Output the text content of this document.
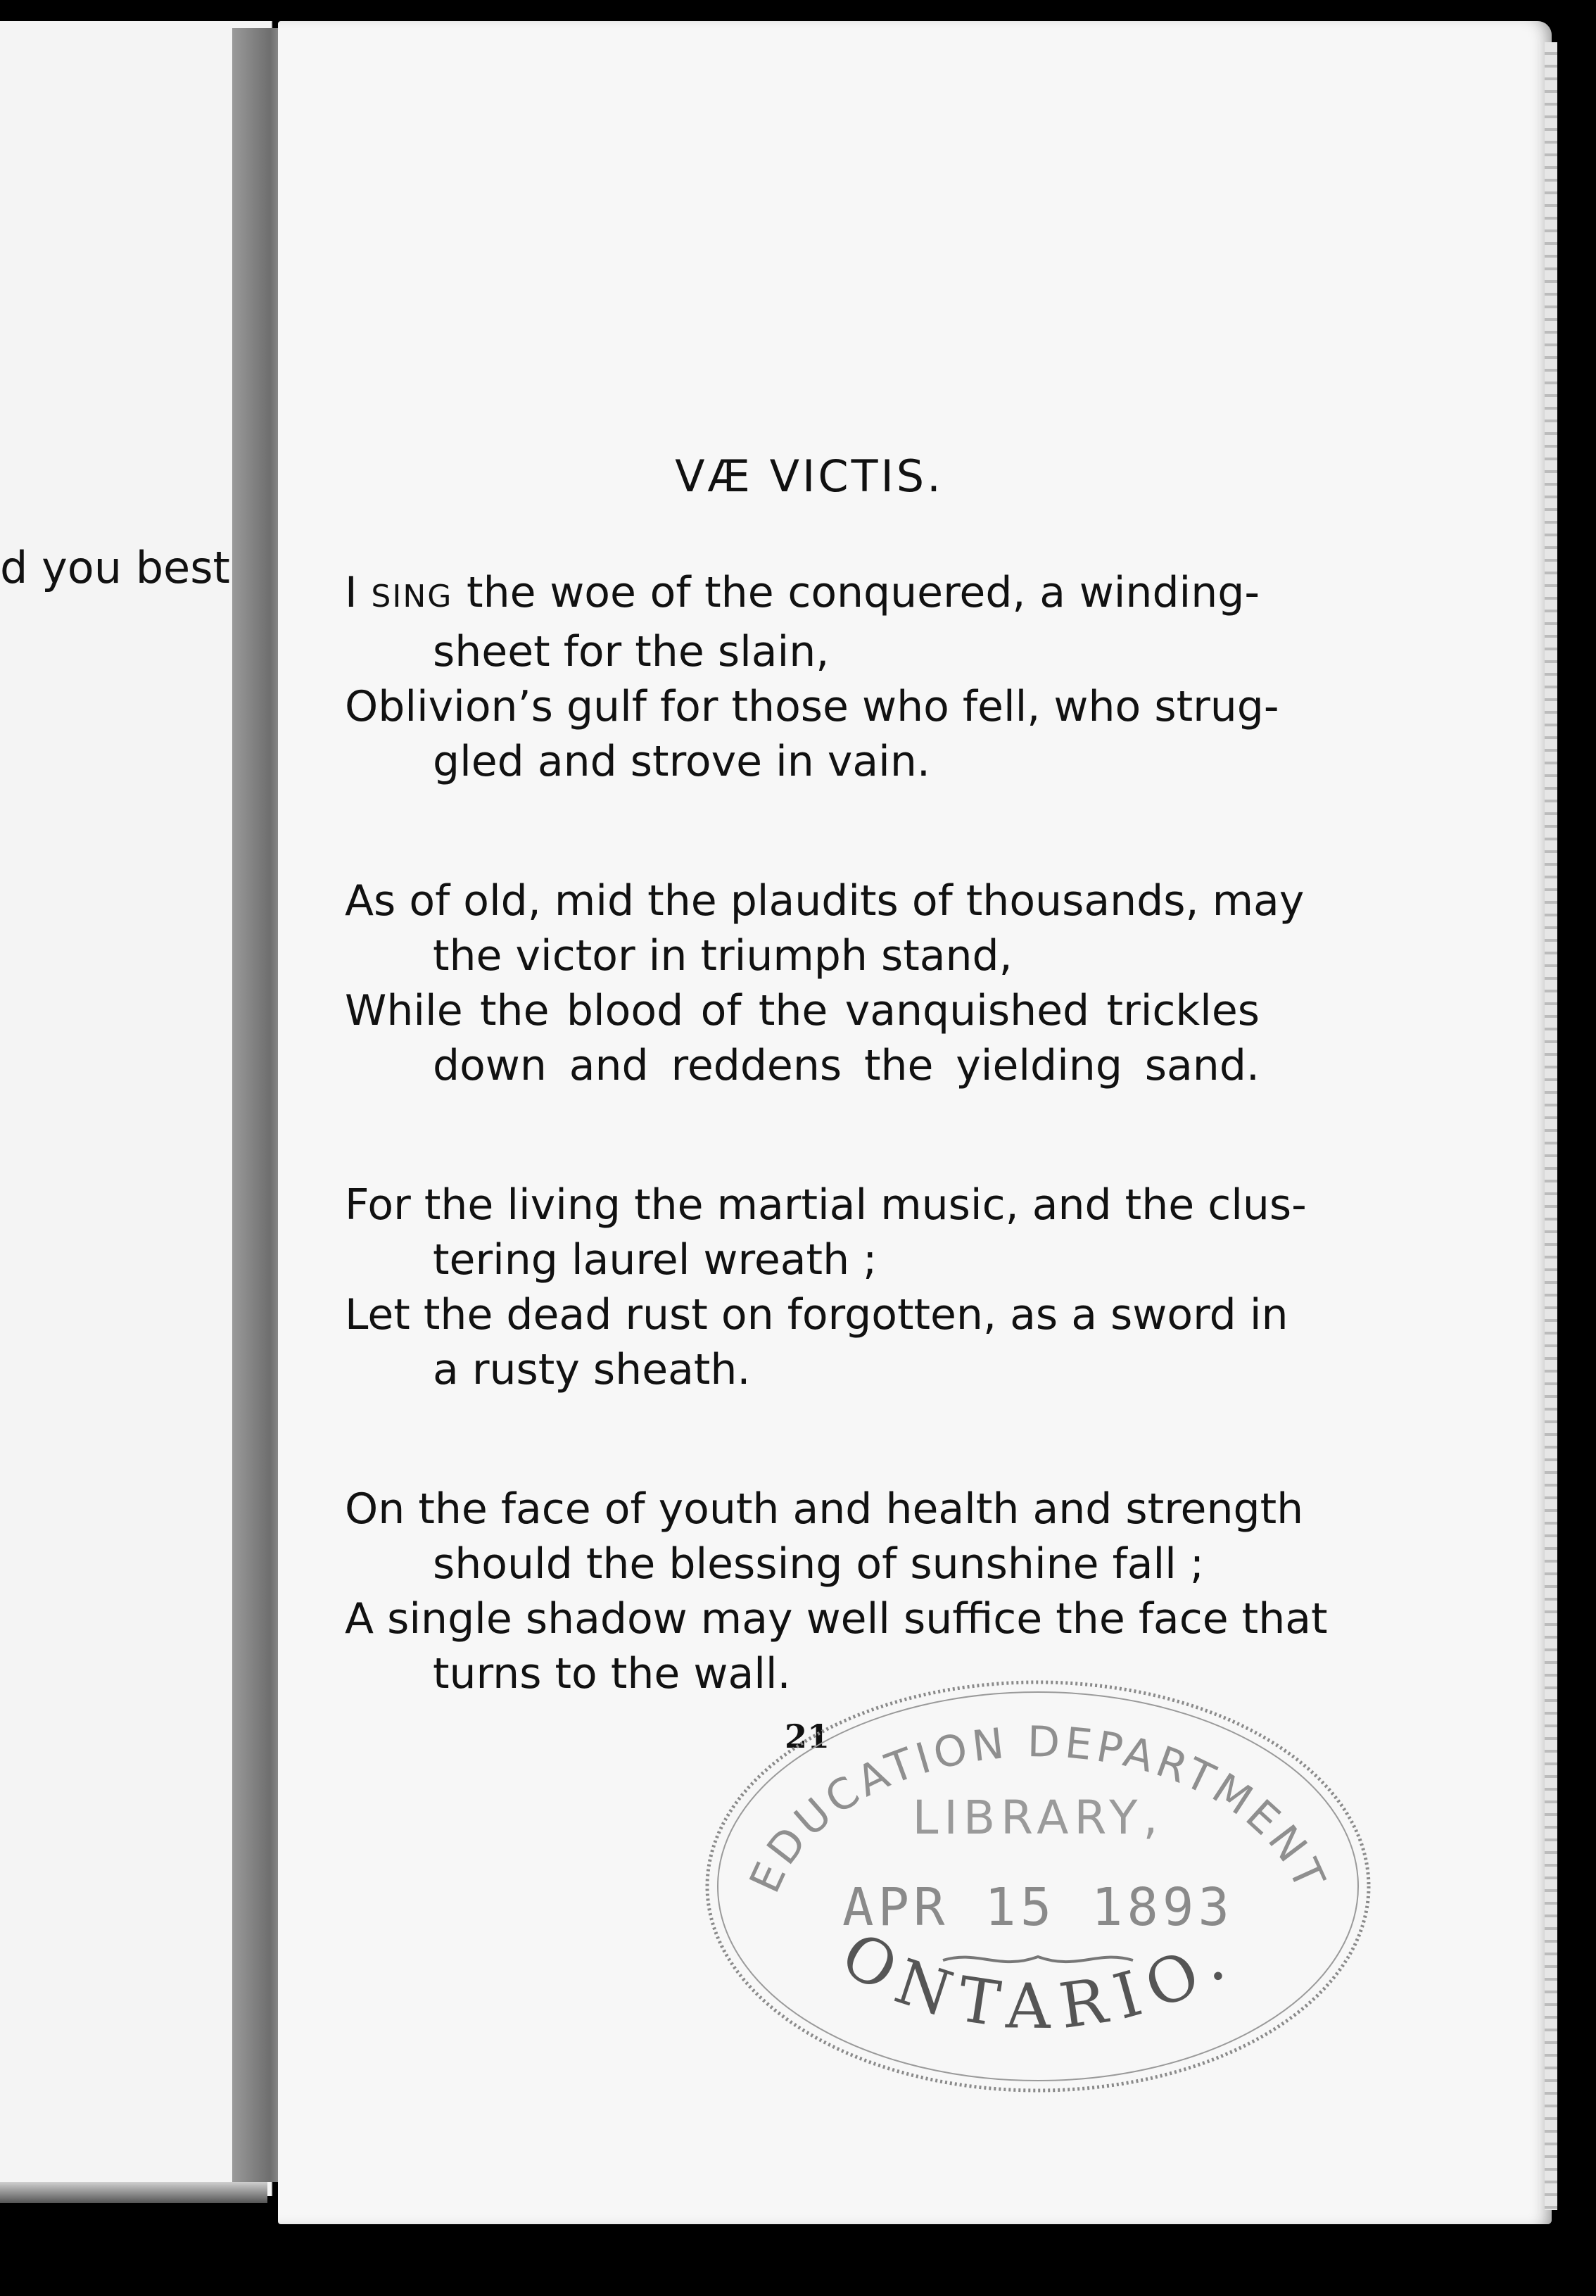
d you best
VÆ VICTIS.

I SING the woe of the conquered, a winding-

sheet for the slain,

Oblivion’s gulf for those who fell, who strug-

gled and strove in vain.

As of old, mid the plaudits of thousands, may

the victor in triumph stand,

While the blood of the vanquished trickles

down and reddens the yielding sand.

For the living the martial music, and the clus-

tering laurel wreath ;

Let the dead rust on forgotten, as a sword in

a rusty sheath.

On the face of youth and health and strength

should the blessing of sunshine fall ;

A single shadow may well suffice the face that

turns to the wall.

21
EDUCATION DEPARTMENT
LIBRARY,
APR 15 1893
ONTARIO.
